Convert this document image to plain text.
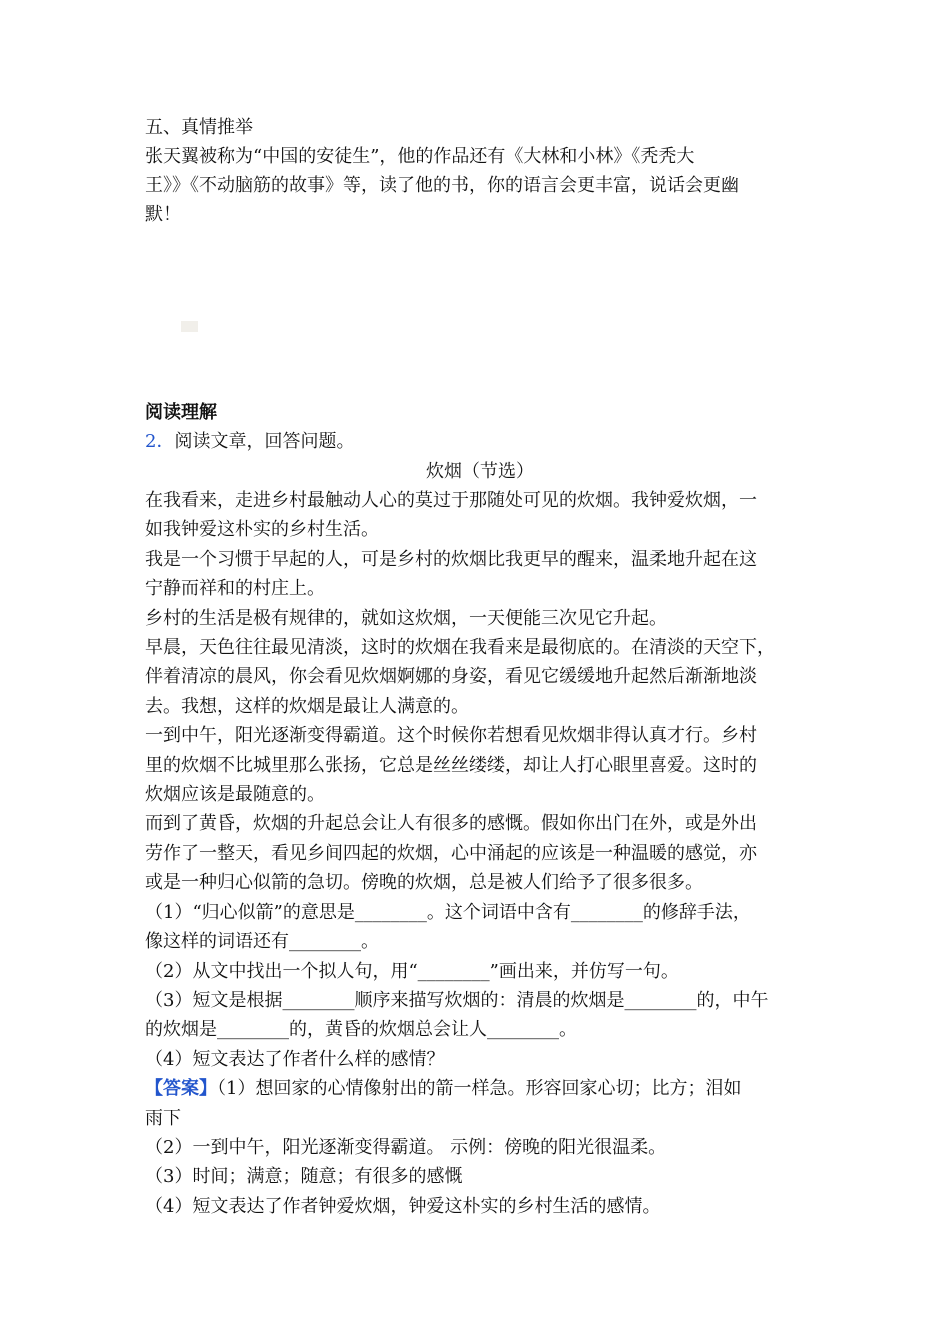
五、真情推举
张天翼被称为“中国的安徒生”，他的作品还有《大林和小林》《秃秃大
王》》《不动脑筋的故事》等，读了他的书，你的语言会更丰富，说话会更幽
默！
阅读理解
2．阅读文章，回答问题。
炊烟（节选）
在我看来，走进乡村最触动人心的莫过于那随处可见的炊烟。我钟爱炊烟，一
如我钟爱这朴实的乡村生活。
我是一个习惯于早起的人，可是乡村的炊烟比我更早的醒来，温柔地升起在这
宁静而祥和的村庄上。
乡村的生活是极有规律的，就如这炊烟，一天便能三次见它升起。
早晨，天色往往最见清淡，这时的炊烟在我看来是最彻底的。在清淡的天空下，
伴着清凉的晨风，你会看见炊烟婀娜的身姿，看见它缓缓地升起然后渐渐地淡
去。我想，这样的炊烟是最让人满意的。
一到中午，阳光逐渐变得霸道。这个时候你若想看见炊烟非得认真才行。乡村
里的炊烟不比城里那么张扬，它总是丝丝缕缕，却让人打心眼里喜爱。这时的
炊烟应该是最随意的。
而到了黄昏，炊烟的升起总会让人有很多的感慨。假如你出门在外，或是外出
劳作了一整天，看见乡间四起的炊烟，心中涌起的应该是一种温暖的感觉，亦
或是一种归心似箭的急切。傍晚的炊烟，总是被人们给予了很多很多。
（1）“归心似箭”的意思是________。这个词语中含有________的修辞手法，
像这样的词语还有________。
（2）从文中找出一个拟人句，用“________”画出来，并仿写一句。
（3）短文是根据________顺序来描写炊烟的：清晨的炊烟是________的，中午
的炊烟是________的，黄昏的炊烟总会让人________。
（4）短文表达了作者什么样的感情？
【答案】（1）想回家的心情像射出的箭一样急。形容回家心切；比方；泪如
雨下
（2）一到中午，阳光逐渐变得霸道。 示例：傍晚的阳光很温柔。
（3）时间；满意；随意；有很多的感慨
（4）短文表达了作者钟爱炊烟，钟爱这朴实的乡村生活的感情。
